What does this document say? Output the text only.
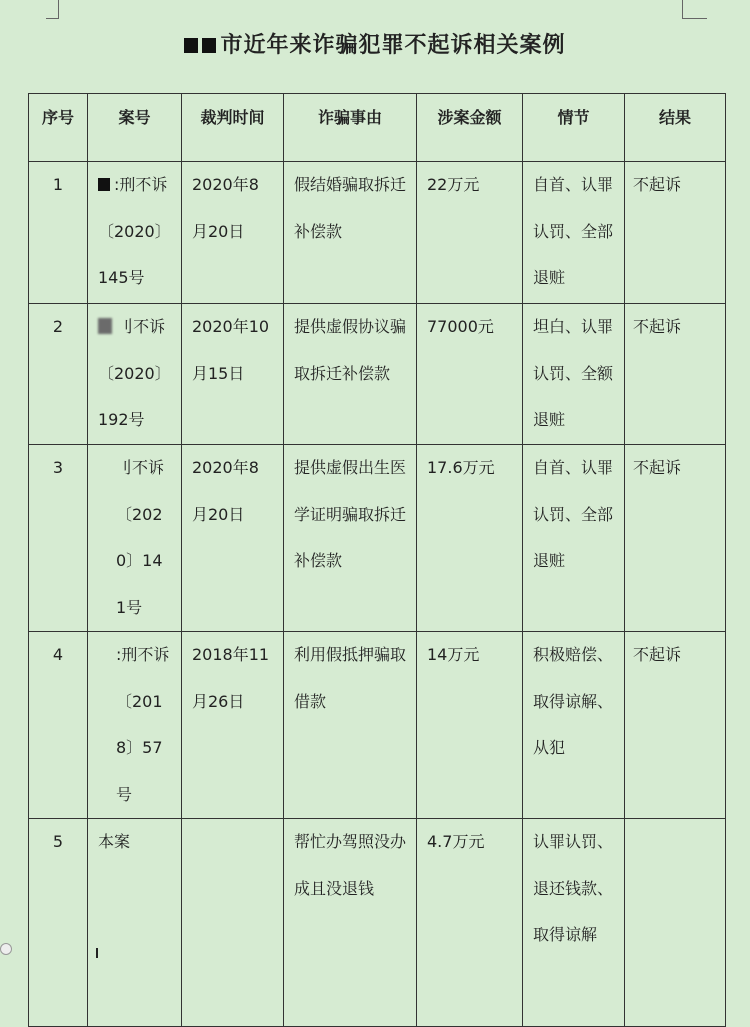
市近年来诈骗犯罪不起诉相关案例
序号	案号	裁判时间	诈骗事由	涉案金额	情节	结果
1	:刑不诉〔2020〕145号	2020年8月20日	假结婚骗取拆迁补偿款	22万元	自首、认罪认罚、全部退赃	不起诉
2	刂不诉〔2020〕192号	2020年10月15日	提供虚假协议骗取拆迁补偿款	77000元	坦白、认罪认罚、全额退赃	不起诉
3	刂不诉〔2020〕141号	2020年8月20日	提供虚假出生医学证明骗取拆迁补偿款	17.6万元	自首、认罪认罚、全部退赃	不起诉
4	:刑不诉〔2018〕57号	2018年11月26日	利用假抵押骗取借款	14万元	积极赔偿、取得谅解、从犯	不起诉
5	本案		帮忙办驾照没办成且没退钱	4.7万元	认罪认罚、退还钱款、取得谅解	
